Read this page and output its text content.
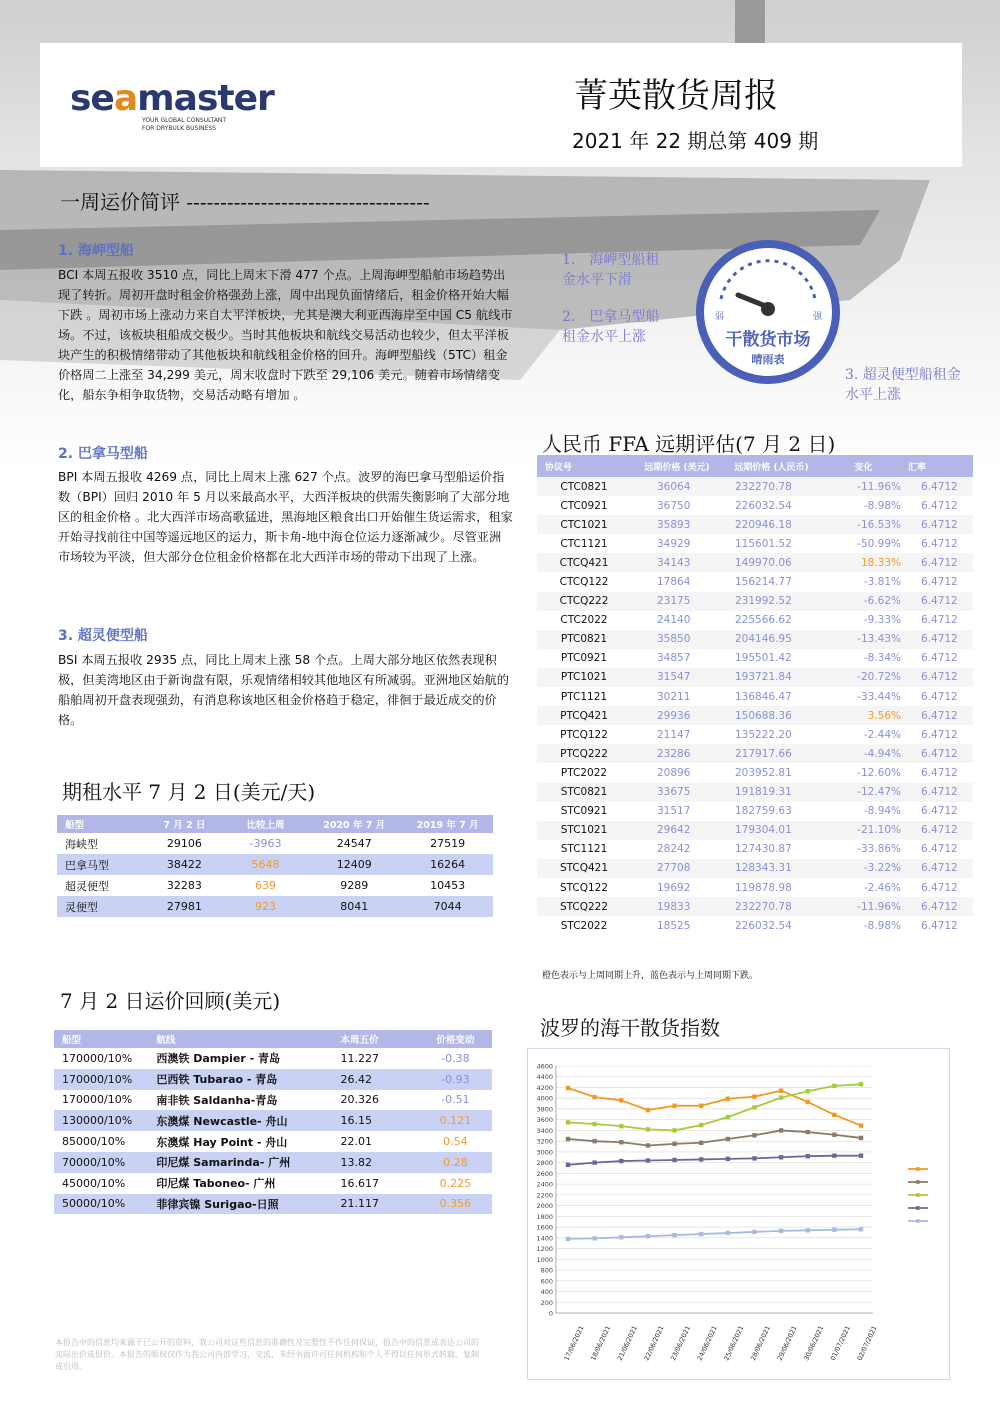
seamaster
YOUR GLOBAL CONSULTANT
FOR DRYBULK BUSINESS
菁英散货周报
2021 年 22 期总第 409 期
一周运价简评 ------------------------------------
1. 海岬型船
BCI 本周五报收 3510 点，同比上周末下滑 477 个点。上周海岬型船舶市场趋势出现了转折。周初开盘时租金价格强劲上涨，周中出现负面情绪后，租金价格开始大幅下跌 。周初市场上涨动力来自太平洋板块，尤其是澳大利亚西海岸至中国 C5 航线市场。不过，该板块租船成交极少。当时其他板块和航线交易活动也较少，但太平洋板块产生的积极情绪带动了其他板块和航线租金价格的回升。海岬型船线（5TC）租金价格周二上涨至 34,299 美元，周末收盘时下跌至 29,106 美元。随着市场情绪变化，船东争相争取货物，交易活动略有增加 。
2. 巴拿马型船
BPI 本周五报收 4269 点，同比上周末上涨 627 个点。波罗的海巴拿马型船运价指数（BPI）回归 2010 年 5 月以来最高水平，大西洋板块的供需失衡影响了大部分地区的租金价格 。北大西洋市场高歌猛进，黑海地区粮食出口开始催生货运需求，租家开始寻找前往中国等遥远地区的运力，斯卡角-地中海仓位运力逐渐减少。尽管亚洲市场较为平淡，但大部分仓位租金价格都在北大西洋市场的带动下出现了上涨。
3. 超灵便型船
BSI 本周五报收 2935 点，同比上周末上涨 58 个点。上周大部分地区依然表现积极，但美湾地区由于新询盘有限，乐观情绪相较其他地区有所减弱。亚洲地区始航的船舶周初开盘表现强劲，有消息称该地区租金价格趋于稳定，徘徊于最近成交的价格。
1.　海岬型船租金水平下滑
2.　巴拿马型船租金水平上涨
3. 超灵便型船租金水平上涨
弱	强
干散货市场
晴雨表
期租水平 7 月 2 日(美元/天)
船型	7 月 2 日	比较上周	2020 年 7 月	2019 年 7 月
海峡型	29106	-3963	24547	27519
巴拿马型	38422	5648	12409	16264
超灵便型	32283	639	9289	10453
灵便型	27981	923	8041	7044
7 月 2 日运价回顾(美元)
船型	航线	本周五价	价格变动
170000/10%	西澳铁 Dampier - 青岛	11.227	-0.38
170000/10%	巴西铁 Tubarao - 青岛	26.42	-0.93
170000/10%	南非铁 Saldanha-青岛	20.326	-0.51
130000/10%	东澳煤 Newcastle- 舟山	16.15	0.121
85000/10%	东澳煤 Hay Point - 舟山	22.01	0.54
70000/10%	印尼煤 Samarinda- 广州	13.82	0.28
45000/10%	印尼煤 Taboneo- 广州	16.617	0.225
50000/10%	菲律宾镍 Surigao-日照	21.117	0.356
人民币 FFA 远期评估(7 月 2 日)
协议号	远期价格 (美元)	远期价格 (人民币)	变化	汇率
CTC0821	36064	232270.78	-11.96%	6.4712
CTC0921	36750	226032.54	-8.98%	6.4712
CTC1021	35893	220946.18	-16.53%	6.4712
CTC1121	34929	115601.52	-50.99%	6.4712
CTCQ421	34143	149970.06	18.33%	6.4712
CTCQ122	17864	156214.77	-3.81%	6.4712
CTCQ222	23175	231992.52	-6.62%	6.4712
CTC2022	24140	225566.62	-9.33%	6.4712
PTC0821	35850	204146.95	-13.43%	6.4712
PTC0921	34857	195501.42	-8.34%	6.4712
PTC1021	31547	193721.84	-20.72%	6.4712
PTC1121	30211	136846.47	-33.44%	6.4712
PTCQ421	29936	150688.36	3.56%	6.4712
PTCQ122	21147	135222.20	-2.44%	6.4712
PTCQ222	23286	217917.66	-4.94%	6.4712
PTC2022	20896	203952.81	-12.60%	6.4712
STC0821	33675	191819.31	-12.47%	6.4712
STC0921	31517	182759.63	-8.94%	6.4712
STC1021	29642	179304.01	-21.10%	6.4712
STC1121	28242	127430.87	-33.86%	6.4712
STCQ421	27708	128343.31	-3.22%	6.4712
STCQ122	19692	119878.98	-2.46%	6.4712
STCQ222	19833	232270.78	-11.96%	6.4712
STC2022	18525	226032.54	-8.98%	6.4712
橙色表示与上周同期上升，蓝色表示与上周同期下跌。
波罗的海干散货指数
0
200
400
600
800
1000
1200
1400
1600
1800
2000
2200
2400
2600
2800
3000
3200
3400
3600
3800
4000
4200
4400
4600
17/06/2021 18/06/2021 21/06/2021 22/06/2021 23/06/2021 24/06/2021 25/06/2021 28/06/2021 29/06/2021 30/06/2021 01/07/2021 02/07/2021
本报告中的信息均来源于已公开的资料，我公司对这些信息的准确性及完整性不作任何保证，报告中的信息或表达公司的实际出价或报价。本报告的版权仅作为我公司内部学习，交流，未经书面许可任何机构和个人不得以任何形式转载、复制或引用。
